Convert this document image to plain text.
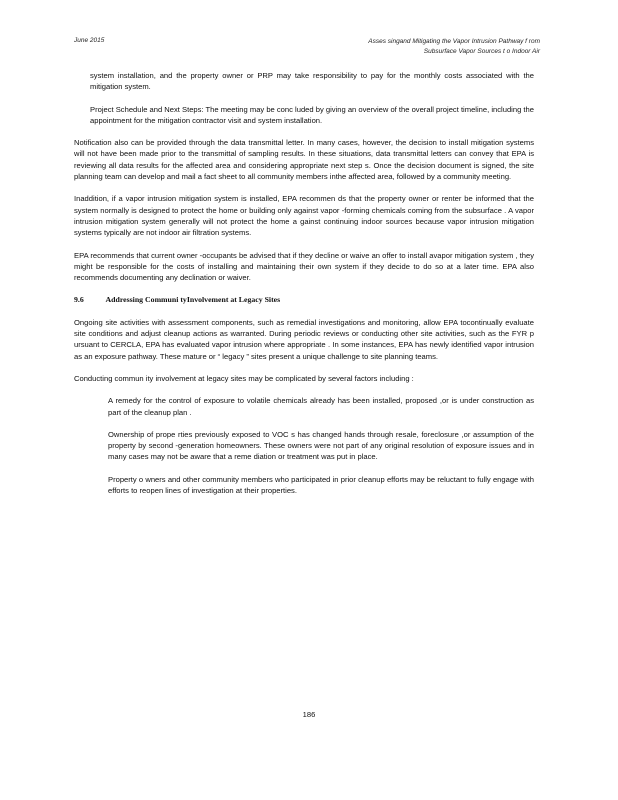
June 2015	Asses singand Mitigating the Vapor Intrusion Pathway f rom
Subsurface Vapor Sources t o Indoor Air

system installation, and the property owner or PRP may take responsibility to pay for the monthly costs associated with the mitigation system.

Project Schedule and Next Steps: The meeting may be conc luded by giving an overview of the overall project timeline, including the appointment for the mitigation contractor visit and system installation.

Notification also can be provided through the data transmittal letter. In many cases, however, the decision to install mitigation systems will not have been made prior to the transmittal of sampling results. In these situations, data transmittal letters can convey that EPA is reviewing all data results for the affected area and considering appropriate next step s. Once the decision document is signed, the site planning team can develop and mail a fact sheet to all community members inthe affected area, followed by a community meeting.

Inaddition, if a vapor intrusion mitigation system is installed, EPA recommen ds that the property owner or renter be informed that the system normally is designed to protect the home or building only against vapor -forming chemicals coming from the subsurface . A vapor intrusion mitigation system generally will not protect the home a gainst continuing indoor sources because vapor intrusion mitigation systems typically are not indoor air filtration systems.

EPA recommends that current owner -occupants be advised that if they decline or waive an offer to install avapor mitigation system , they might be responsible for the costs of installing and maintaining their own system if they decide to do so at a later time. EPA also recommends documenting any declination or waiver.

9.6	Addressing Communi tyInvolvement at Legacy Sites

Ongoing site activities with assessment components, such as remedial investigations and monitoring, allow EPA tocontinually evaluate site conditions and adjust cleanup actions as warranted. During periodic reviews or conducting other site activities, such as the FYR p ursuant to CERCLA, EPA has evaluated vapor intrusion where appropriate . In some instances, EPA has newly identified vapor intrusion as an exposure pathway. These mature or “ legacy ” sites present a unique challenge to site planning teams.

Conducting commun ity involvement at legacy sites may be complicated by several factors including :

A remedy for the control of exposure to volatile chemicals already has been installed, proposed ,or is under construction as part of the cleanup plan .
Ownership of prope rties previously exposed to VOC s has changed hands through resale, foreclosure ,or assumption of the property by second -generation homeowners. These owners were not part of any original resolution of exposure issues and in many cases may not be aware that a reme diation or treatment was put in place.
Property o wners and other community members who participated in prior cleanup efforts may be reluctant to fully engage with efforts to reopen lines of investigation at their properties.
186
